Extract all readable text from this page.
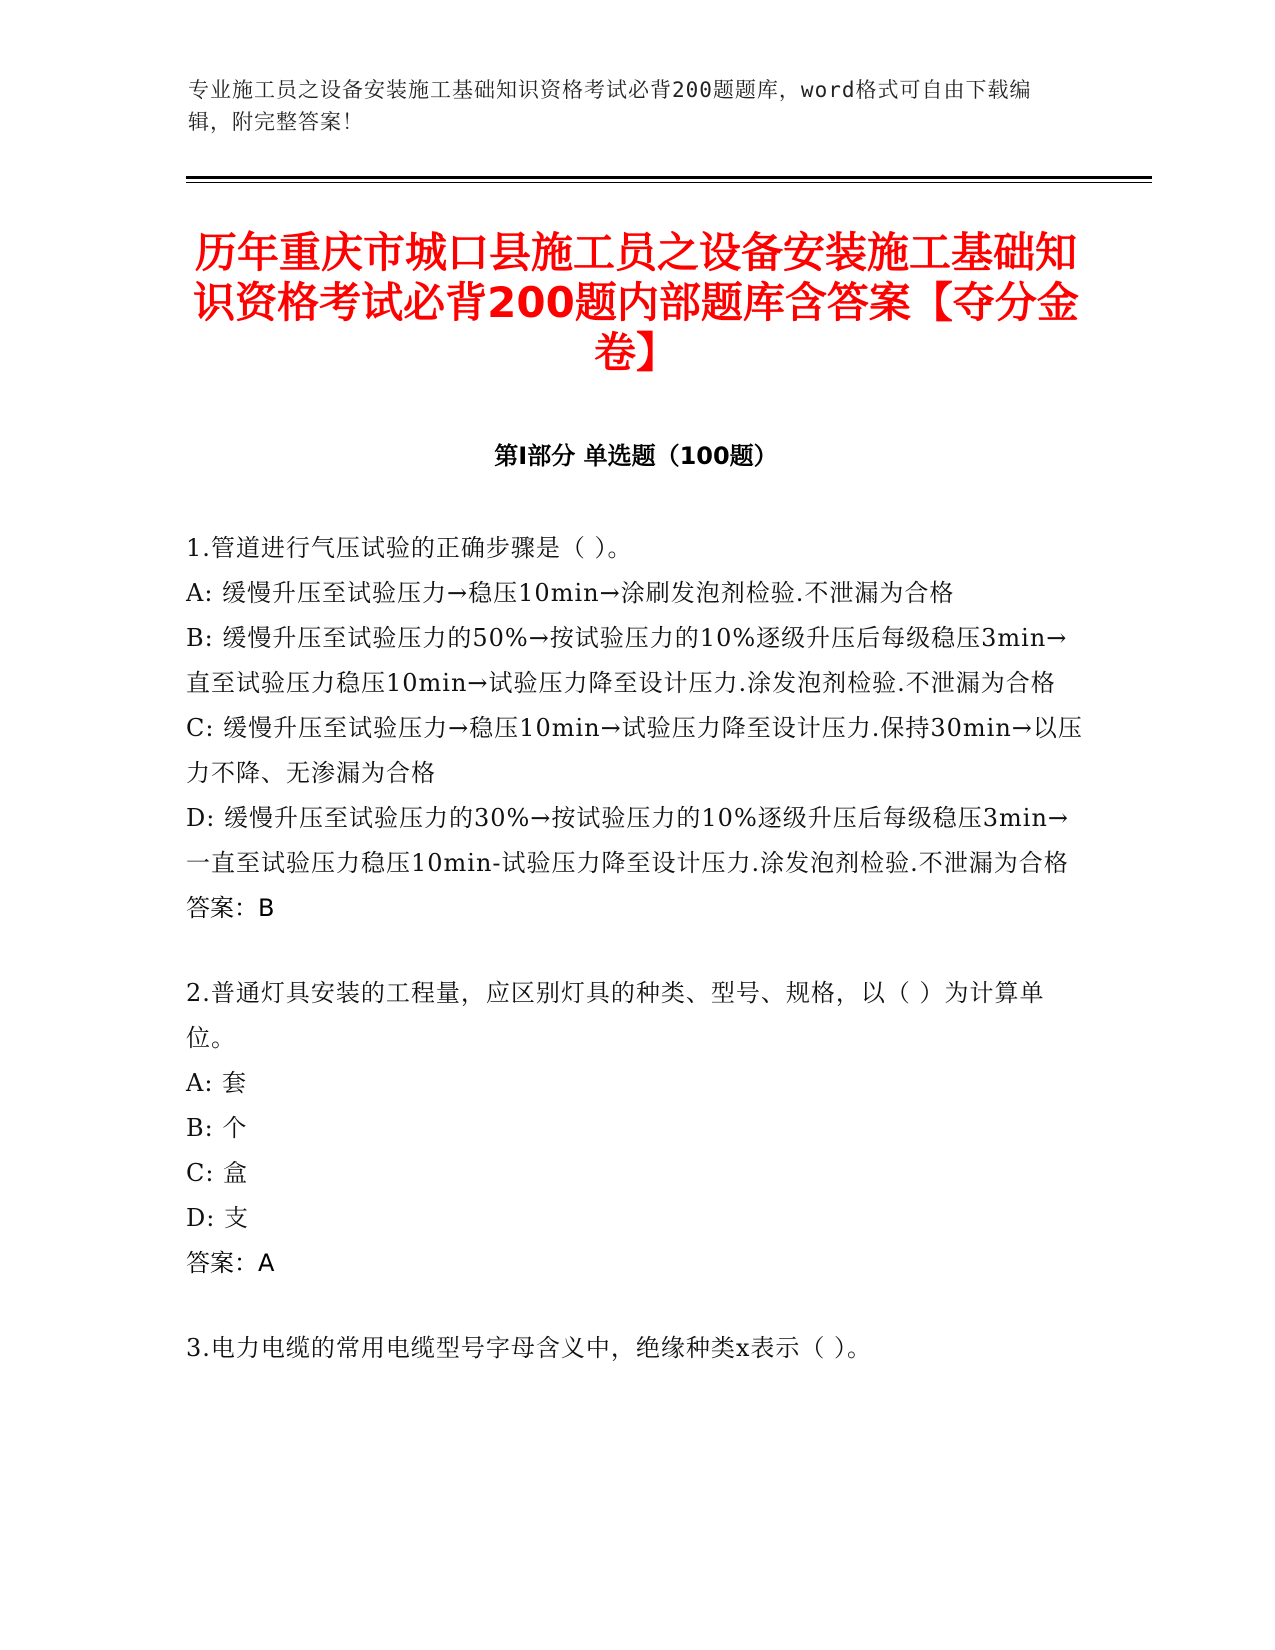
专业施工员之设备安装施工基础知识资格考试必背200题题库，word格式可自由下载编辑，附完整答案！
历年重庆市城口县施工员之设备安装施工基础知识资格考试必背200题内部题库含答案【夺分金卷】
第I部分 单选题（100题）

1.管道进行气压试验的正确步骤是（ ）。

A: 缓慢升压至试验压力→稳压10min→涂刷发泡剂检验.不泄漏为合格

B: 缓慢升压至试验压力的50%→按试验压力的10%逐级升压后每级稳压3min→直至试验压力稳压10min→试验压力降至设计压力.涂发泡剂检验.不泄漏为合格

C: 缓慢升压至试验压力→稳压10min→试验压力降至设计压力.保持30min→以压力不降、无渗漏为合格

D: 缓慢升压至试验压力的30%→按试验压力的10%逐级升压后每级稳压3min→一直至试验压力稳压10min-试验压力降至设计压力.涂发泡剂检验.不泄漏为合格

答案：B

2.普通灯具安装的工程量，应区别灯具的种类、型号、规格，以（ ）为计算单位。

A: 套

B: 个

C: 盒

D: 支

答案：A

3.电力电缆的常用电缆型号字母含义中，绝缘种类x表示（ ）。
